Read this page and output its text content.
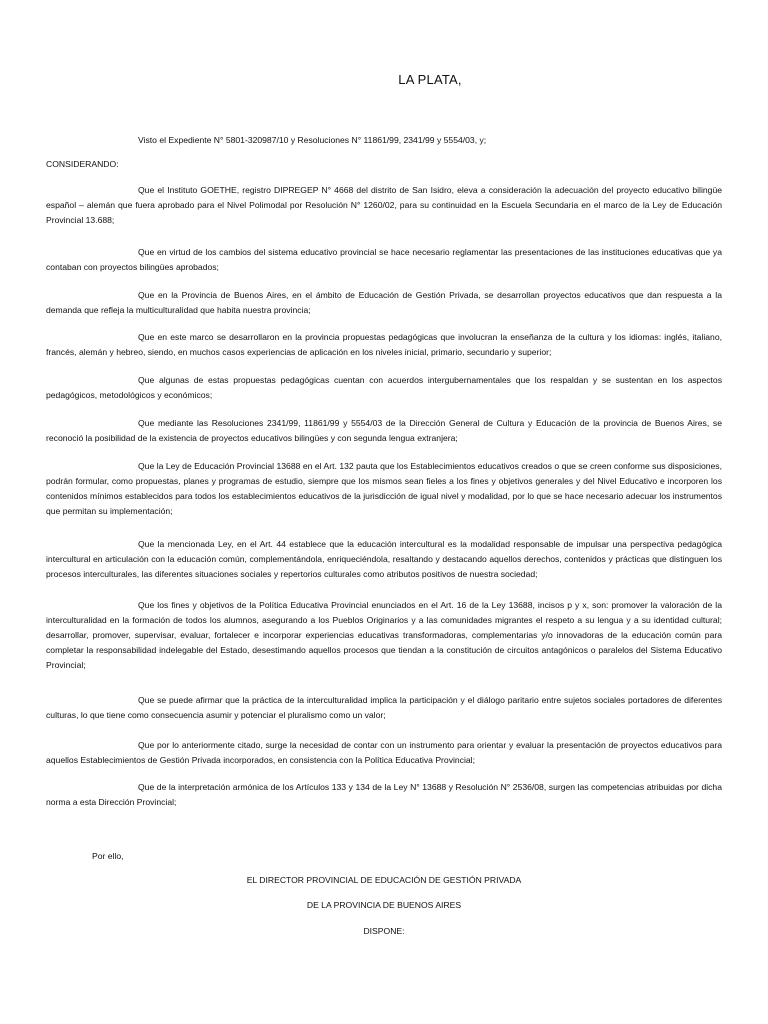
LA PLATA,
Visto el Expediente N° 5801-320987/10 y Resoluciones N° 11861/99, 2341/99 y 5554/03, y;
CONSIDERANDO:
Que el Instituto GOETHE, registro DIPREGEP N° 4668 del distrito de San Isidro, eleva a consideración la adecuación del proyecto educativo bilingüe español – alemán que fuera aprobado para el Nivel Polimodal por Resolución N° 1260/02, para su continuidad en la Escuela Secundaria en el marco de la Ley de Educación Provincial 13.688;
Que en virtud de los cambios del sistema educativo provincial se hace necesario reglamentar las presentaciones de las instituciones educativas que ya contaban con proyectos bilingües aprobados;
Que en la Provincia de Buenos Aires, en el ámbito de Educación de Gestión Privada, se desarrollan proyectos educativos que dan respuesta a la demanda que refleja la multiculturalidad que habita nuestra provincia;
Que en este marco se desarrollaron en la provincia propuestas pedagógicas que involucran la enseñanza de la cultura y los idiomas: inglés, italiano, francés, alemán y hebreo, siendo, en muchos casos experiencias de aplicación en los niveles inicial, primario, secundario y superior;
Que algunas de estas propuestas pedagógicas cuentan con acuerdos intergubernamentales que los respaldan y se sustentan en los aspectos pedagógicos, metodológicos y económicos;
Que mediante las Resoluciones 2341/99, 11861/99 y 5554/03 de la Dirección General de Cultura y Educación de la provincia de Buenos Aires, se reconoció la posibilidad de la existencia de proyectos educativos bilingües y con segunda lengua extranjera;
Que la Ley de Educación Provincial 13688 en el Art. 132 pauta que los Establecimientos educativos creados o que se creen conforme sus disposiciones, podrán formular, como propuestas, planes y programas de estudio, siempre que los mismos sean fieles a los fines y objetivos generales y del Nivel Educativo e incorporen los contenidos mínimos establecidos para todos los establecimientos educativos de la jurisdicción de igual nivel y modalidad, por lo que se hace necesario adecuar los instrumentos que permitan su implementación;
Que la mencionada Ley, en el Art. 44 establece que la educación intercultural es la modalidad responsable de impulsar una perspectiva pedagógica intercultural en articulación con la educación común, complementándola, enriqueciéndola, resaltando y destacando aquellos derechos, contenidos y prácticas que distinguen los procesos interculturales, las diferentes situaciones sociales y repertorios culturales como atributos positivos de nuestra sociedad;
Que los fines y objetivos de la Política Educativa Provincial enunciados en el Art. 16 de la Ley 13688, incisos p y x, son: promover la valoración de la interculturalidad en la formación de todos los alumnos, asegurando a los Pueblos Originarios y a las comunidades migrantes el respeto a su lengua y a su identidad cultural; desarrollar, promover, supervisar, evaluar, fortalecer e incorporar experiencias educativas transformadoras, complementarias y/o innovadoras de la educación común para completar la responsabilidad indelegable del Estado, desestimando aquellos procesos que tiendan a la constitución de circuitos antagónicos o paralelos del Sistema Educativo Provincial;
Que se puede afirmar que la práctica de la interculturalidad implica la participación y el diálogo paritario entre sujetos sociales portadores de diferentes culturas, lo que tiene como consecuencia asumir y potenciar el pluralismo como un valor;
Que por lo anteriormente citado, surge la necesidad de contar con un instrumento para orientar y evaluar la presentación de proyectos educativos para aquellos Establecimientos de Gestión Privada incorporados, en consistencia con la Política Educativa Provincial;
Que de la interpretación armónica de los Artículos 133 y 134 de la Ley N° 13688 y Resolución N° 2536/08, surgen las competencias atribuidas por dicha norma a esta Dirección Provincial;
Por ello,
EL DIRECTOR PROVINCIAL DE EDUCACIÓN DE GESTIÓN PRIVADA
DE LA PROVINCIA DE BUENOS AIRES
DISPONE:
